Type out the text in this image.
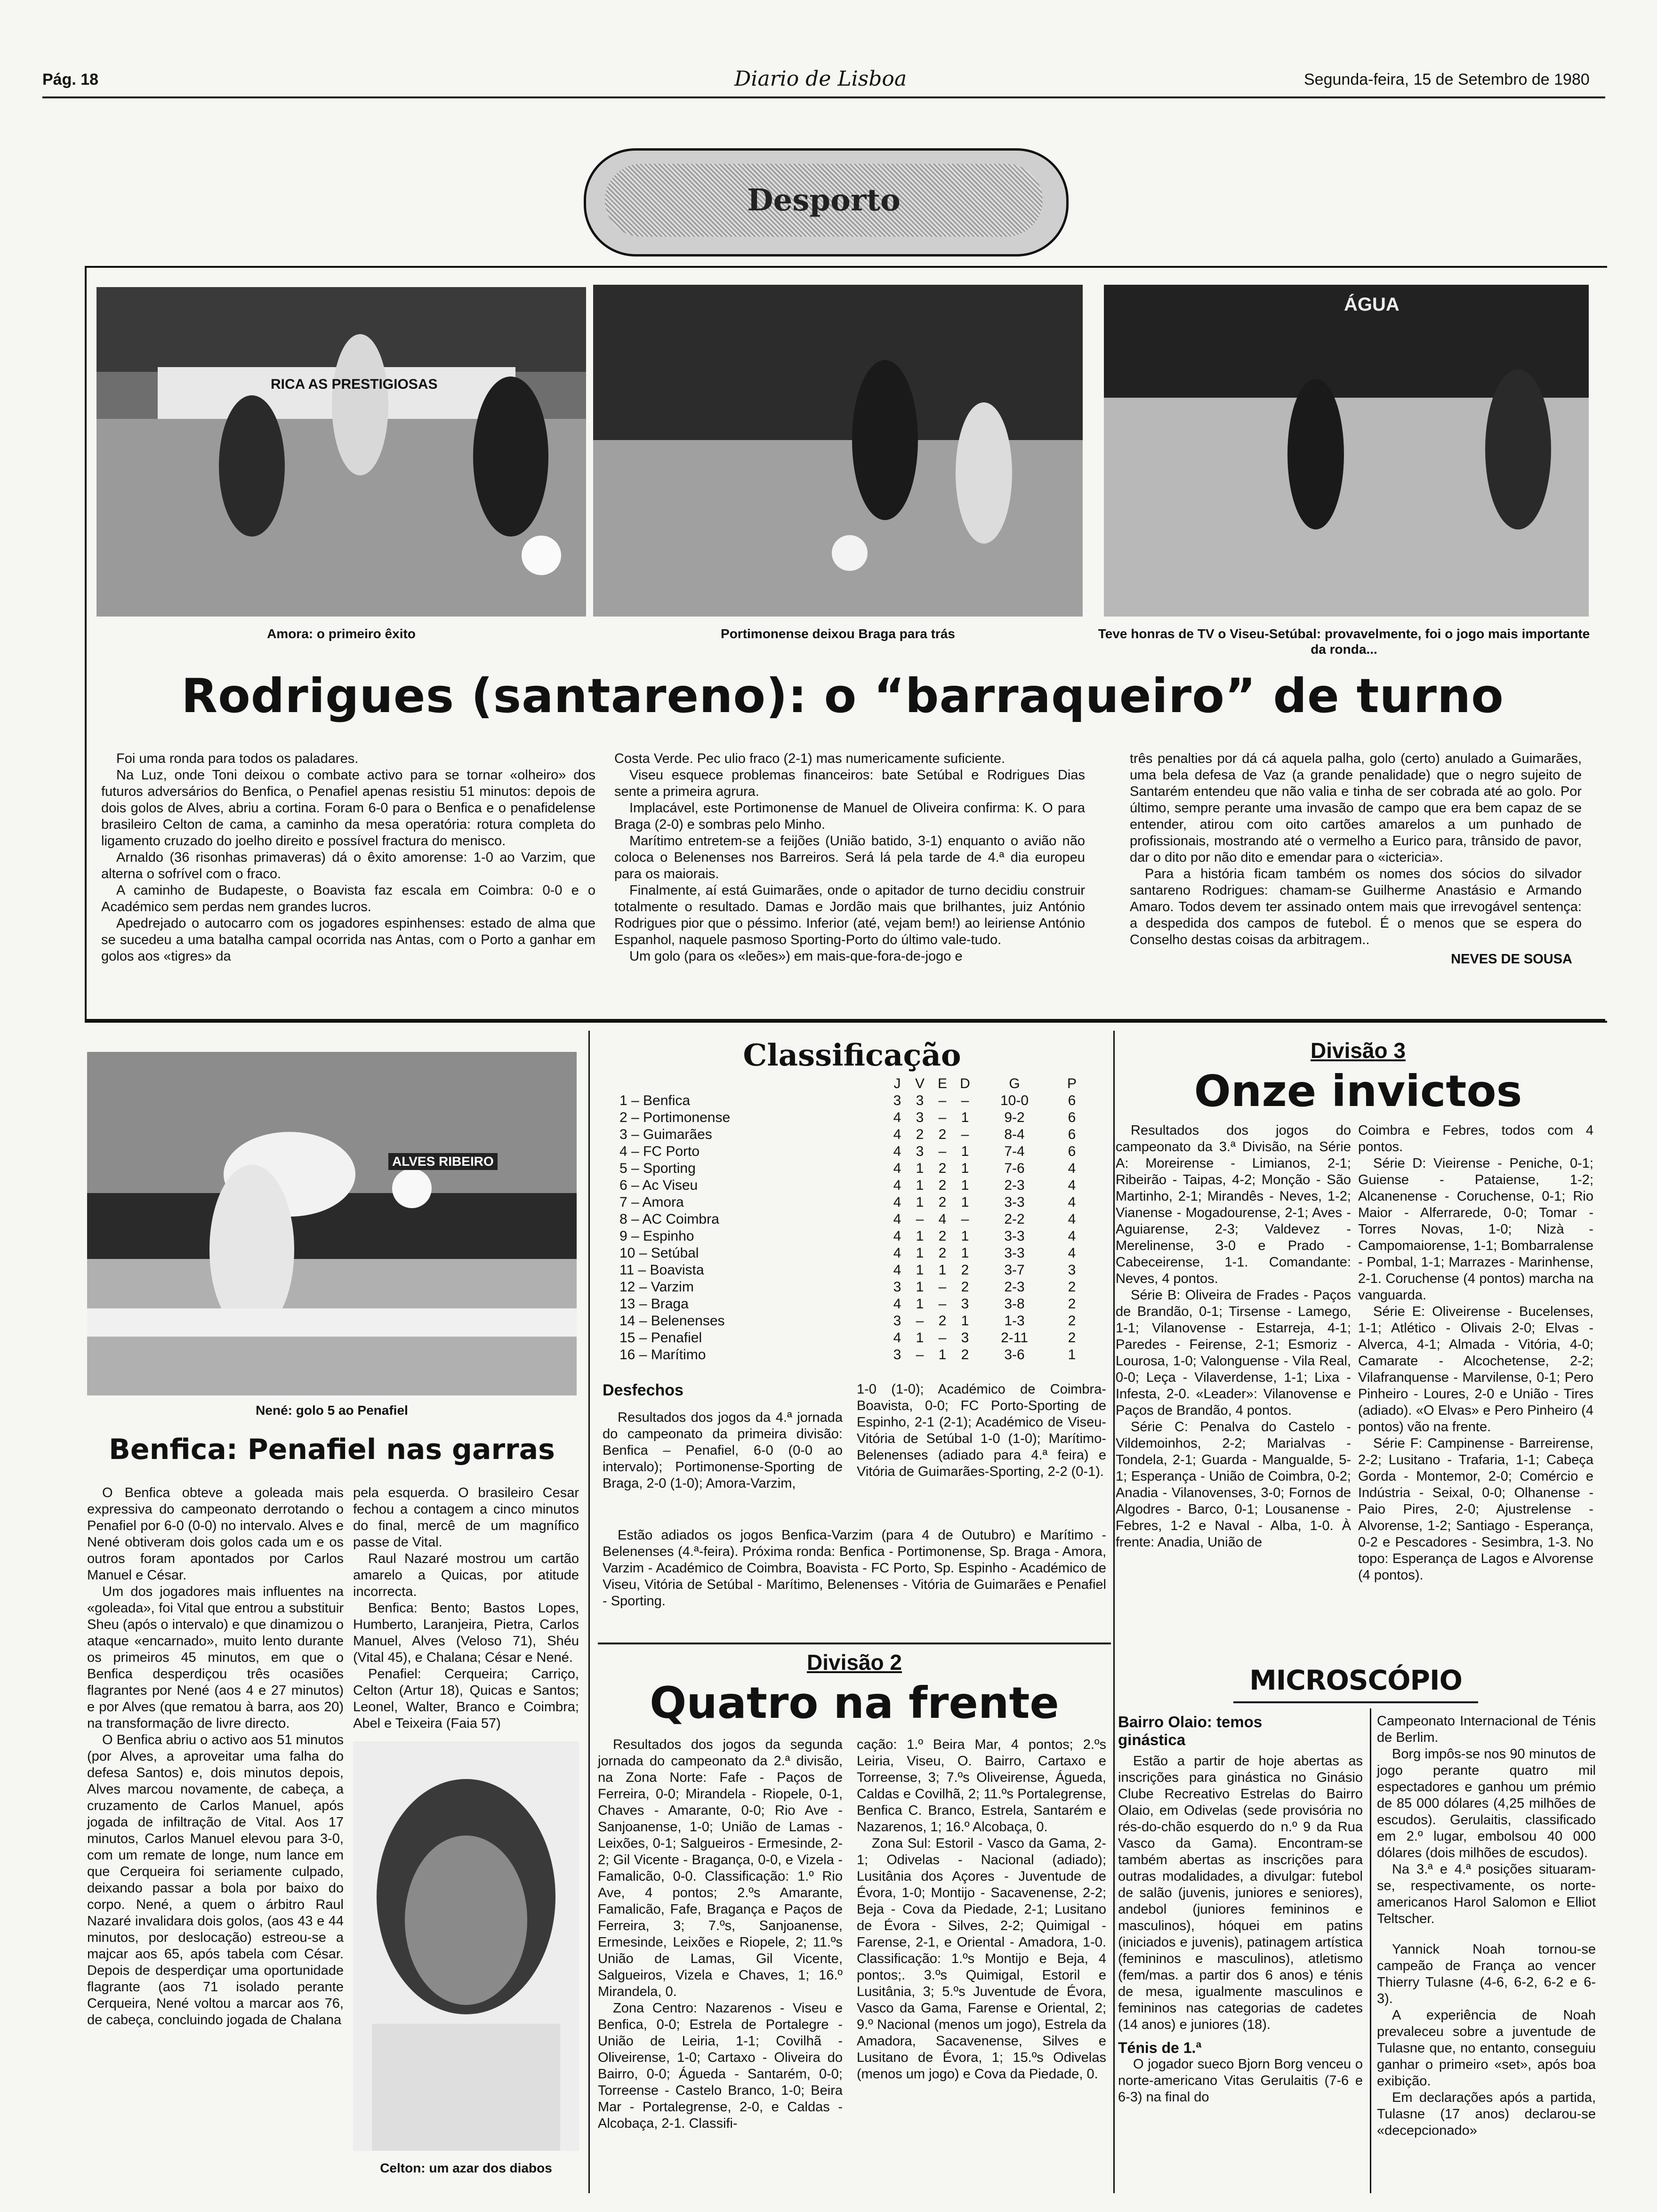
Pág. 18	Diario de Lisboa	Segunda-feira, 15 de Setembro de 1980
Desporto
RICA AS PRESTIGIOSAS
ÁGUA
Amora: o primeiro êxito	Portimonense deixou Braga para trás	Teve honras de TV o Viseu-Setúbal: provavelmente, foi o jogo mais importante da ronda...
Rodrigues (santareno): o “barraqueiro” de turno

Foi uma ronda para todos os paladares.

Na Luz, onde Toni deixou o combate activo para se tornar «olheiro» dos futuros adversários do Benfica, o Penafiel apenas resistiu 51 minutos: depois de dois golos de Alves, abriu a cortina. Foram 6-0 para o Benfica e o penafidelense brasileiro Celton de cama, a caminho da mesa operatória: rotura completa do ligamento cruzado do joelho direito e possível fractura do menisco.

Arnaldo (36 risonhas primaveras) dá o êxito amorense: 1-0 ao Varzim, que alterna o sofrível com o fraco.

A caminho de Budapeste, o Boavista faz escala em Coimbra: 0-0 e o Académico sem perdas nem grandes lucros.

Apedrejado o autocarro com os jogadores espinhenses: estado de alma que se sucedeu a uma batalha campal ocorrida nas Antas, com o Porto a ganhar em golos aos «tigres» da

Costa Verde. Pec ulio fraco (2-1) mas numericamente suficiente.

Viseu esquece problemas financeiros: bate Setúbal e Rodrigues Dias sente a primeira agrura.

Implacável, este Portimonense de Manuel de Oliveira confirma: K. O para Braga (2-0) e sombras pelo Minho.

Marítimo entretem-se a feijões (União batido, 3-1) enquanto o avião não coloca o Belenenses nos Barreiros. Será lá pela tarde de 4.ª dia europeu para os maiorais.

Finalmente, aí está Guimarães, onde o apitador de turno decidiu construir totalmente o resultado. Damas e Jordão mais que brilhantes, juiz António Rodrigues pior que o péssimo. Inferior (até, vejam bem!) ao leiriense António Espanhol, naquele pasmoso Sporting-Porto do último vale-tudo.

Um golo (para os «leões») em mais-que-fora-de-jogo e

três penalties por dá cá aquela palha, golo (certo) anulado a Guimarães, uma bela defesa de Vaz (a grande penalidade) que o negro sujeito de Santarém entendeu que não valia e tinha de ser cobrada até ao golo. Por último, sempre perante uma invasão de campo que era bem capaz de se entender, atirou com oito cartões amarelos a um punhado de profissionais, mostrando até o vermelho a Eurico para, trânsido de pavor, dar o dito por não dito e emendar para o «ictericia».

Para a história ficam também os nomes dos sócios do silvador santareno Rodrigues: chamam-se Guilherme Anastásio e Armando Amaro. Todos devem ter assinado ontem mais que irrevogável sentença: a despedida dos campos de futebol. É o menos que se espera do Conselho destas coisas da arbitragem..

NEVES DE SOUSA
ALVES RIBEIRO
Nené: golo 5 ao Penafiel
Benfica: Penafiel nas garras

O Benfica obteve a goleada mais expressiva do campeonato derrotando o Penafiel por 6-0 (0-0) no intervalo. Alves e Nené obtiveram dois golos cada um e os outros foram apontados por Carlos Manuel e César.

Um dos jogadores mais influentes na «goleada», foi Vital que entrou a substituir Sheu (após o intervalo) e que dinamizou o ataque «encarnado», muito lento durante os primeiros 45 minutos, em que o Benfica desperdiçou três ocasiões flagrantes por Nené (aos 4 e 27 minutos) e por Alves (que rematou à barra, aos 20) na transformação de livre directo.

O Benfica abriu o activo aos 51 minutos (por Alves, a aproveitar uma falha do defesa Santos) e, dois minutos depois, Alves marcou novamente, de cabeça, a cruzamento de Carlos Manuel, após jogada de infiltração de Vital. Aos 17 minutos, Carlos Manuel elevou para 3-0, com um remate de longe, num lance em que Cerqueira foi seriamente culpado, deixando passar a bola por baixo do corpo. Nené, a quem o árbitro Raul Nazaré invalidara dois golos, (aos 43 e 44 minutos, por deslocação) estreou-se a majcar aos 65, após tabela com César. Depois de desperdiçar uma oportunidade flagrante (aos 71 isolado perante Cerqueira, Nené voltou a marcar aos 76, de cabeça, concluindo jogada de Chalana

pela esquerda. O brasileiro Cesar fechou a contagem a cinco minutos do final, mercê de um magnífico passe de Vital.

Raul Nazaré mostrou um cartão amarelo a Quicas, por atitude incorrecta.

Benfica: Bento; Bastos Lopes, Humberto, Laranjeira, Pietra, Carlos Manuel, Alves (Veloso 71), Shéu (Vital 45), e Chalana; César e Nené.

Penafiel: Cerqueira; Carriço, Celton (Artur 18), Quicas e Santos; Leonel, Walter, Branco e Coimbra; Abel e Teixeira (Faia 57)

Celton: um azar dos diabos
Classificação
	J	V	E	D	G	P
1 – Benfica	3	3	–	–	10-0	6
2 – Portimonense	4	3	–	1	9-2	6
3 – Guimarães	4	2	2	–	8-4	6
4 – FC Porto	4	3	–	1	7-4	6
5 – Sporting	4	1	2	1	7-6	4
6 – Ac Viseu	4	1	2	1	2-3	4
7 – Amora	4	1	2	1	3-3	4
8 – AC Coimbra	4	–	4	–	2-2	4
9 – Espinho	4	1	2	1	3-3	4
10 – Setúbal	4	1	2	1	3-3	4
11 – Boavista	4	1	1	2	3-7	3
12 – Varzim	3	1	–	2	2-3	2
13 – Braga	4	1	–	3	3-8	2
14 – Belenenses	3	–	2	1	1-3	2
15 – Penafiel	4	1	–	3	2-11	2
16 – Marítimo	3	–	1	2	3-6	1
Desfechos

Resultados dos jogos da 4.ª jornada do campeonato da primeira divisão: Benfica – Penafiel, 6-0 (0-0 ao intervalo); Portimonense-Sporting de Braga, 2-0 (1-0); Amora-Varzim,

1-0 (1-0); Académico de Coimbra-Boavista, 0-0; FC Porto-Sporting de Espinho, 2-1 (2-1); Académico de Viseu-Vitória de Setúbal 1-0 (1-0); Marítimo-Belenenses (adiado para 4.ª feira) e Vitória de Guimarães-Sporting, 2-2 (0-1).

Estão adiados os jogos Benfica-Varzim (para 4 de Outubro) e Marítimo - Belenenses (4.ª-feira). Próxima ronda: Benfica - Portimonense, Sp. Braga - Amora, Varzim - Académico de Coimbra, Boavista - FC Porto, Sp. Espinho - Académico de Viseu, Vitória de Setúbal - Marítimo, Belenenses - Vitória de Guimarães e Penafiel - Sporting.

Divisão 2
Quatro na frente

Resultados dos jogos da segunda jornada do campeonato da 2.ª divisão, na Zona Norte: Fafe - Paços de Ferreira, 0-0; Mirandela - Riopele, 0-1, Chaves - Amarante, 0-0; Rio Ave - Sanjoanense, 1-0; União de Lamas - Leixões, 0-1; Salgueiros - Ermesinde, 2-2; Gil Vicente - Bragança, 0-0, e Vizela - Famalicão, 0-0. Classificação: 1.º Rio Ave, 4 pontos; 2.ºs Amarante, Famalicão, Fafe, Bragança e Paços de Ferreira, 3; 7.ºs, Sanjoanense, Ermesinde, Leixões e Riopele, 2; 11.ºs União de Lamas, Gil Vicente, Salgueiros, Vizela e Chaves, 1; 16.º Mirandela, 0.

Zona Centro: Nazarenos - Viseu e Benfica, 0-0; Estrela de Portalegre - União de Leiria, 1-1; Covilhã - Oliveirense, 1-0; Cartaxo - Oliveira do Bairro, 0-0; Águeda - Santarém, 0-0; Torreense - Castelo Branco, 1-0; Beira Mar - Portalegrense, 2-0, e Caldas - Alcobaça, 2-1. Classifi-

cação: 1.º Beira Mar, 4 pontos; 2.ºs Leiria, Viseu, O. Bairro, Cartaxo e Torreense, 3; 7.ºs Oliveirense, Águeda, Caldas e Covilhã, 2; 11.ºs Portalegrense, Benfica C. Branco, Estrela, Santarém e Nazarenos, 1; 16.º Alcobaça, 0.

Zona Sul: Estoril - Vasco da Gama, 2-1; Odivelas - Nacional (adiado); Lusitânia dos Açores - Juventude de Évora, 1-0; Montijo - Sacavenense, 2-2; Beja - Cova da Piedade, 2-1; Lusitano de Évora - Silves, 2-2; Quimigal - Farense, 2-1, e Oriental - Amadora, 1-0. Classificação: 1.ºs Montijo e Beja, 4 pontos;. 3.ºs Quimigal, Estoril e Lusitânia, 3; 5.ºs Juventude de Évora, Vasco da Gama, Farense e Oriental, 2; 9.º Nacional (menos um jogo), Estrela da Amadora, Sacavenense, Silves e Lusitano de Évora, 1; 15.ºs Odivelas (menos um jogo) e Cova da Piedade, 0.

Divisão 3
Onze invictos

Resultados dos jogos do campeonato da 3.ª Divisão, na Série A: Moreirense - Limianos, 2-1; Ribeirão - Taipas, 4-2; Monção - São Martinho, 2-1; Mirandês - Neves, 1-2; Vianense - Mogadourense, 2-1; Aves - Aguiarense, 2-3; Valdevez - Merelinense, 3-0 e Prado - Cabeceirense, 1-1. Comandante: Neves, 4 pontos.

Série B: Oliveira de Frades - Paços de Brandão, 0-1; Tirsense - Lamego, 1-1; Vilanovense - Estarreja, 4-1; Paredes - Feirense, 2-1; Esmoriz - Lourosa, 1-0; Valonguense - Vila Real, 0-0; Leça - Vilaverdense, 1-1; Lixa - Infesta, 2-0. «Leader»: Vilanovense e Paços de Brandão, 4 pontos.

Série C: Penalva do Castelo - Vildemoinhos, 2-2; Marialvas - Tondela, 2-1; Guarda - Mangualde, 5-1; Esperança - União de Coimbra, 0-2; Anadia - Vilanovenses, 3-0; Fornos de Algodres - Barco, 0-1; Lousanense - Febres, 1-2 e Naval - Alba, 1-0. À frente: Anadia, União de

Coimbra e Febres, todos com 4 pontos.

Série D: Vieirense - Peniche, 0-1; Guiense - Pataiense, 1-2; Alcanenense - Coruchense, 0-1; Rio Maior - Alferrarede, 0-0; Tomar - Torres Novas, 1-0; Nizà - Campomaiorense, 1-1; Bombarralense - Pombal, 1-1; Marrazes - Marinhense, 2-1. Coruchense (4 pontos) marcha na vanguarda.

Série E: Oliveirense - Bucelenses, 1-1; Atlético - Olivais 2-0; Elvas - Alverca, 4-1; Almada - Vitória, 4-0; Camarate - Alcochetense, 2-2; Vilafranquense - Marvilense, 0-1; Pero Pinheiro - Loures, 2-0 e União - Tires (adiado). «O Elvas» e Pero Pinheiro (4 pontos) vão na frente.

Série F: Campinense - Barreirense, 2-2; Lusitano - Trafaria, 1-1; Cabeça Gorda - Montemor, 2-0; Comércio e Indústria - Seixal, 0-0; Olhanense - Paio Pires, 2-0; Ajustrelense - Alvorense, 1-2; Santiago - Esperança, 0-2 e Pescadores - Sesimbra, 1-3. No topo: Esperança de Lagos e Alvorense (4 pontos).

MICROSCÓPIO
Bairro Olaio: temos ginástica

Estão a partir de hoje abertas as inscrições para ginástica no Ginásio Clube Recreativo Estrelas do Bairro Olaio, em Odivelas (sede provisória no rés-do-chão esquerdo do n.º 9 da Rua Vasco da Gama). Encontram-se também abertas as inscrições para outras modalidades, a divulgar: futebol de salão (juvenis, juniores e seniores), andebol (juniores femininos e masculinos), hóquei em patins (iniciados e juvenis), patinagem artística (femininos e masculinos), atletismo (fem/mas. a partir dos 6 anos) e ténis de mesa, igualmente masculinos e femininos nas categorias de cadetes (14 anos) e juniores (18).

Ténis de 1.ª

O jogador sueco Bjorn Borg venceu o norte-americano Vitas Gerulaitis (7-6 e 6-3) na final do

Campeonato Internacional de Ténis de Berlim.

Borg impôs-se nos 90 minutos de jogo perante quatro mil espectadores e ganhou um prémio de 85 000 dólares (4,25 milhões de escudos). Gerulaitis, classificado em 2.º lugar, embolsou 40 000 dólares (dois milhões de escudos).

Na 3.ª e 4.ª posições situaram-se, respectivamente, os norte-americanos Harol Salomon e Elliot Teltscher.

Yannick Noah tornou-se campeão de França ao vencer Thierry Tulasne (4-6, 6-2, 6-2 e 6-3).

A experiência de Noah prevaleceu sobre a juventude de Tulasne que, no entanto, conseguiu ganhar o primeiro «set», após boa exibição.

Em declarações após a partida, Tulasne (17 anos) declarou-se «decepcionado»
